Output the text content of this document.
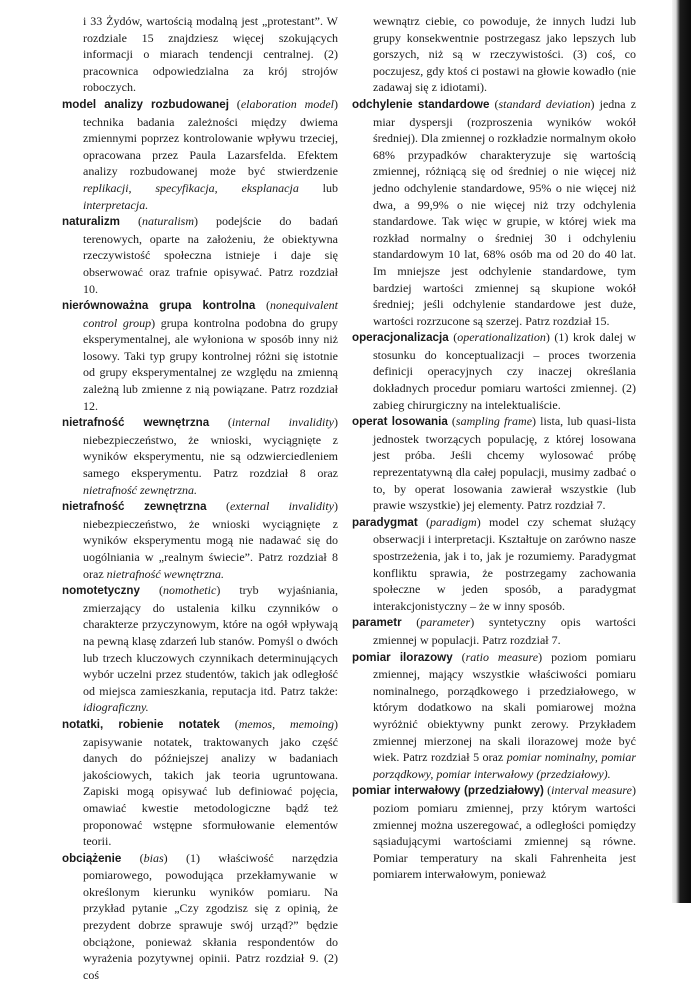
i 33 Żydów, wartością modalną jest „protestant”. W rozdziale 15 znajdziesz więcej szokujących informacji o miarach tendencji centralnej. (2) pracownica odpowiedzialna za krój strojów roboczych.

model analizy rozbudowanej (elaboration model) technika badania zależności między dwiema zmiennymi poprzez kontrolowanie wpływu trzeciej, opracowana przez Paula Lazarsfelda. Efektem analizy rozbudowanej może być stwierdzenie replikacji, specyfikacja, eksplanacja lub interpretacja.

naturalizm (naturalism) podejście do badań terenowych, oparte na założeniu, że obiektywna rzeczywistość społeczna istnieje i daje się obserwować oraz trafnie opisywać. Patrz rozdział 10.

nierównoważna grupa kontrolna (nonequivalent control group) grupa kontrolna podobna do grupy eksperymentalnej, ale wyłoniona w sposób inny niż losowy. Taki typ grupy kontrolnej różni się istotnie od grupy eksperymentalnej ze względu na zmienną zależną lub zmienne z nią powiązane. Patrz rozdział 12.

nietrafność wewnętrzna (internal invalidity) niebezpieczeństwo, że wnioski, wyciągnięte z wyników eksperymentu, nie są odzwierciedleniem samego eksperymentu. Patrz rozdział 8 oraz nietrafność zewnętrzna.

nietrafność zewnętrzna (external invalidity) niebezpieczeństwo, że wnioski wyciągnięte z wyników eksperymentu mogą nie nadawać się do uogólniania w „realnym świecie”. Patrz rozdział 8 oraz nietrafność wewnętrzna.

nomotetyczny (nomothetic) tryb wyjaśniania, zmierzający do ustalenia kilku czynników o charakterze przyczynowym, które na ogół wpływają na pewną klasę zdarzeń lub stanów. Pomyśl o dwóch lub trzech kluczowych czynnikach determinujących wybór uczelni przez studentów, takich jak odległość od miejsca zamieszkania, reputacja itd. Patrz także: idiograficzny.

notatki, robienie notatek (memos, memoing) zapisywanie notatek, traktowanych jako część danych do późniejszej analizy w badaniach jakościowych, takich jak teoria ugruntowana. Zapiski mogą opisywać lub definiować pojęcia, omawiać kwestie metodologiczne bądź też proponować wstępne sformułowanie elementów teorii.

obciążenie (bias) (1) właściwość narzędzia pomiarowego, powodująca przekłamywanie w określonym kierunku wyników pomiaru. Na przykład pytanie „Czy zgodzisz się z opinią, że prezydent dobrze sprawuje swój urząd?” będzie obciążone, ponieważ skłania respondentów do wyrażenia pozytywnej opinii. Patrz rozdział 9. (2) coś

wewnątrz ciebie, co powoduje, że innych ludzi lub grupy konsekwentnie postrzegasz jako lepszych lub gorszych, niż są w rzeczywistości. (3) coś, co poczujesz, gdy ktoś ci postawi na głowie kowadło (nie zadawaj się z idiotami).

odchylenie standardowe (standard deviation) jedna z miar dyspersji (rozproszenia wyników wokół średniej). Dla zmiennej o rozkładzie normalnym około 68% przypadków charakteryzuje się wartością zmiennej, różniącą się od średniej o nie więcej niż jedno odchylenie standardowe, 95% o nie więcej niż dwa, a 99,9% o nie więcej niż trzy odchylenia standardowe. Tak więc w grupie, w której wiek ma rozkład normalny o średniej 30 i odchyleniu standardowym 10 lat, 68% osób ma od 20 do 40 lat. Im mniejsze jest odchylenie standardowe, tym bardziej wartości zmiennej są skupione wokół średniej; jeśli odchylenie standardowe jest duże, wartości rozrzucone są szerzej. Patrz rozdział 15.

operacjonalizacja (operationalization) (1) krok dalej w stosunku do konceptualizacji – proces tworzenia definicji operacyjnych czy inaczej określania dokładnych procedur pomiaru wartości zmiennej. (2) zabieg chirurgiczny na intelektualiście.

operat losowania (sampling frame) lista, lub quasi-lista jednostek tworzących populację, z której losowana jest próba. Jeśli chcemy wylosować próbę reprezentatywną dla całej populacji, musimy zadbać o to, by operat losowania zawierał wszystkie (lub prawie wszystkie) jej elementy. Patrz rozdział 7.

paradygmat (paradigm) model czy schemat służący obserwacji i interpretacji. Kształtuje on zarówno nasze spostrzeżenia, jak i to, jak je rozumiemy. Paradygmat konfliktu sprawia, że postrzegamy zachowania społeczne w jeden sposób, a paradygmat interakcjonistyczny – że w inny sposób.

parametr (parameter) syntetyczny opis wartości zmiennej w populacji. Patrz rozdział 7.

pomiar ilorazowy (ratio measure) poziom pomiaru zmiennej, mający wszystkie właściwości pomiaru nominalnego, porządkowego i przedziałowego, w którym dodatkowo na skali pomiarowej można wyróżnić obiektywny punkt zerowy. Przykładem zmiennej mierzonej na skali ilorazowej może być wiek. Patrz rozdział 5 oraz pomiar nominalny, pomiar porządkowy, pomiar interwałowy (przedziałowy).

pomiar interwałowy (przedziałowy) (interval measure) poziom pomiaru zmiennej, przy którym wartości zmiennej można uszeregować, a odległości pomiędzy sąsiadującymi wartościami zmiennej są równe. Pomiar temperatury na skali Fahrenheita jest pomiarem interwałowym, ponieważ
